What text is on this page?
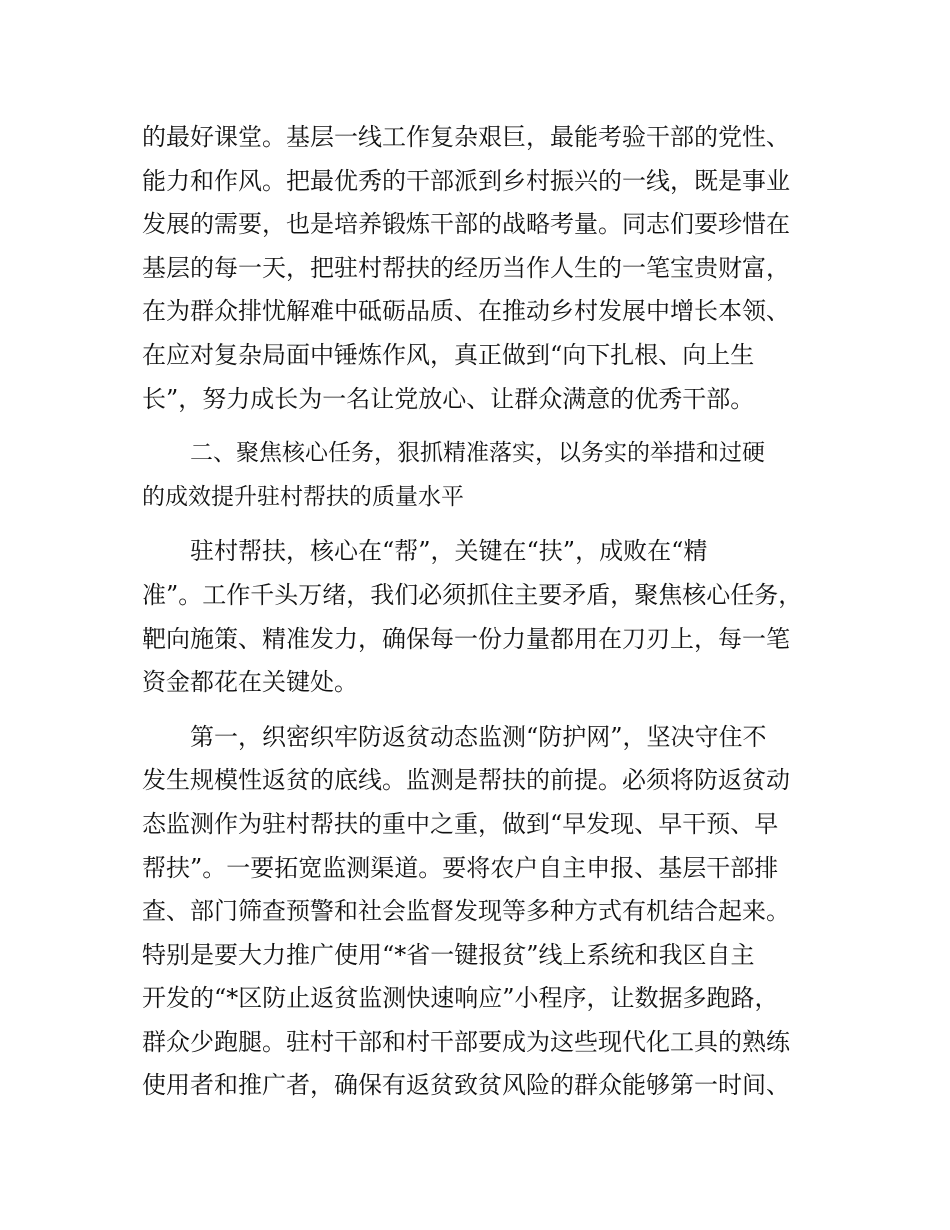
的最好课堂。基层一线工作复杂艰巨，最能考验干部的党性、
能力和作风。把最优秀的干部派到乡村振兴的一线，既是事业
发展的需要，也是培养锻炼干部的战略考量。同志们要珍惜在
基层的每一天，把驻村帮扶的经历当作人生的一笔宝贵财富，
在为群众排忧解难中砥砺品质、在推动乡村发展中增长本领、
在应对复杂局面中锤炼作风，真正做到“向下扎根、向上生
长”，努力成长为一名让党放心、让群众满意的优秀干部。
二、聚焦核心任务，狠抓精准落实，以务实的举措和过硬
的成效提升驻村帮扶的质量水平
驻村帮扶，核心在“帮”，关键在“扶”，成败在“精
准”。工作千头万绪，我们必须抓住主要矛盾，聚焦核心任务，
靶向施策、精准发力，确保每一份力量都用在刀刃上，每一笔
资金都花在关键处。
第一，织密织牢防返贫动态监测“防护网”，坚决守住不
发生规模性返贫的底线。监测是帮扶的前提。必须将防返贫动
态监测作为驻村帮扶的重中之重，做到“早发现、早干预、早
帮扶”。一要拓宽监测渠道。要将农户自主申报、基层干部排
查、部门筛查预警和社会监督发现等多种方式有机结合起来。
特别是要大力推广使用“*省一键报贫”线上系统和我区自主
开发的“*区防止返贫监测快速响应”小程序，让数据多跑路，
群众少跑腿。驻村干部和村干部要成为这些现代化工具的熟练
使用者和推广者，确保有返贫致贫风险的群众能够第一时间、
